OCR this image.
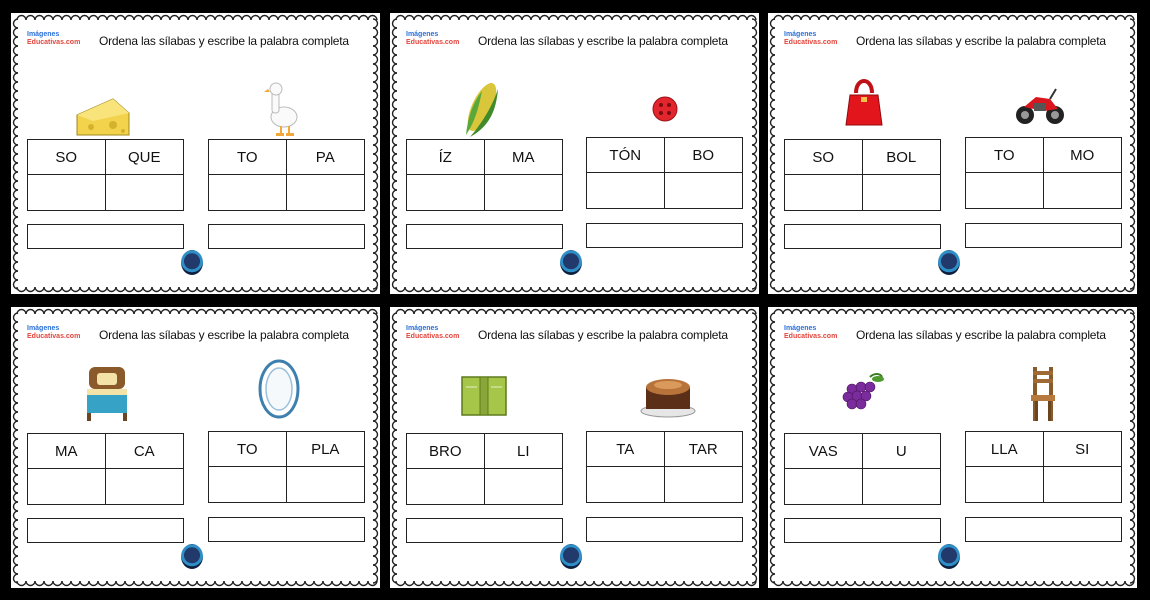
Imágenes
Educativas.com Ordena las sílabas y escribe la palabra completa
SO	QUE	TO	PA
Imágenes
Educativas.com Ordena las sílabas y escribe la palabra completa
ÍZ	MA	TÓN	BO
Imágenes
Educativas.com Ordena las sílabas y escribe la palabra completa
SO	BOL	TO	MO
Imágenes
Educativas.com Ordena las sílabas y escribe la palabra completa
MA	CA	TO	PLA
Imágenes
Educativas.com Ordena las sílabas y escribe la palabra completa
BRO	LI	TA	TAR
Imágenes
Educativas.com Ordena las sílabas y escribe la palabra completa
VAS	U	LLA	SI
